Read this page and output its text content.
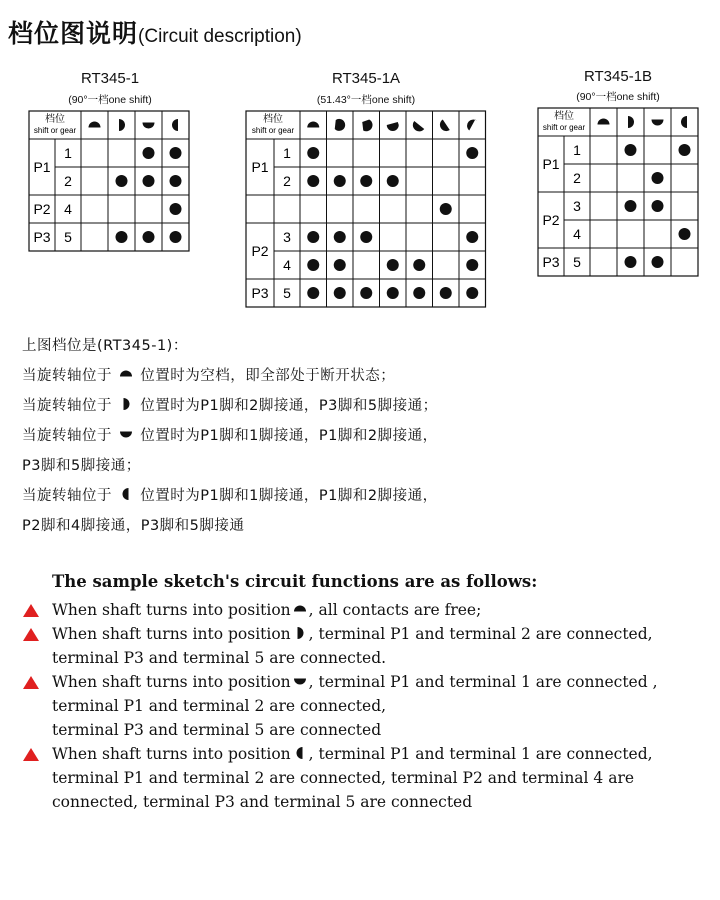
档位图说明(Circuit description)
RT345-1
(90°一档one shift)
RT345-1A
(51.43°一档one shift)
RT345-1B
(90°一档one shift)
档位
shift or gear
P1
1
2
P2 4
P3 5
档位
shift or gear
P1
1
2
P2
3
4
P3 5
档位
shift or gear
P1
1
2
P2
3
4
P3 5
上图档位是(RT345-1)：
当旋转轴位于 位置时为空档，即全部处于断开状态；
当旋转轴位于 位置时为P1脚和2脚接通，P3脚和5脚接通；
当旋转轴位于 位置时为P1脚和1脚接通，P1脚和2脚接通，
P3脚和5脚接通；
当旋转轴位于 位置时为P1脚和1脚接通，P1脚和2脚接通，
P2脚和4脚接通，P3脚和5脚接通
The sample sketch's circuit functions are as follows:
When shaft turns into position , all contacts are free;
When shaft turns into position , terminal P1 and terminal 2 are connected,
terminal P3 and terminal 5 are connected.
When shaft turns into position , terminal P1 and terminal 1 are connected ,
terminal P1 and terminal 2 are connected,
terminal P3 and terminal 5 are connected
When shaft turns into position , terminal P1 and terminal 1 are connected,
terminal P1 and terminal 2 are connected, terminal P2 and terminal 4 are
connected, terminal P3 and terminal 5 are connected
